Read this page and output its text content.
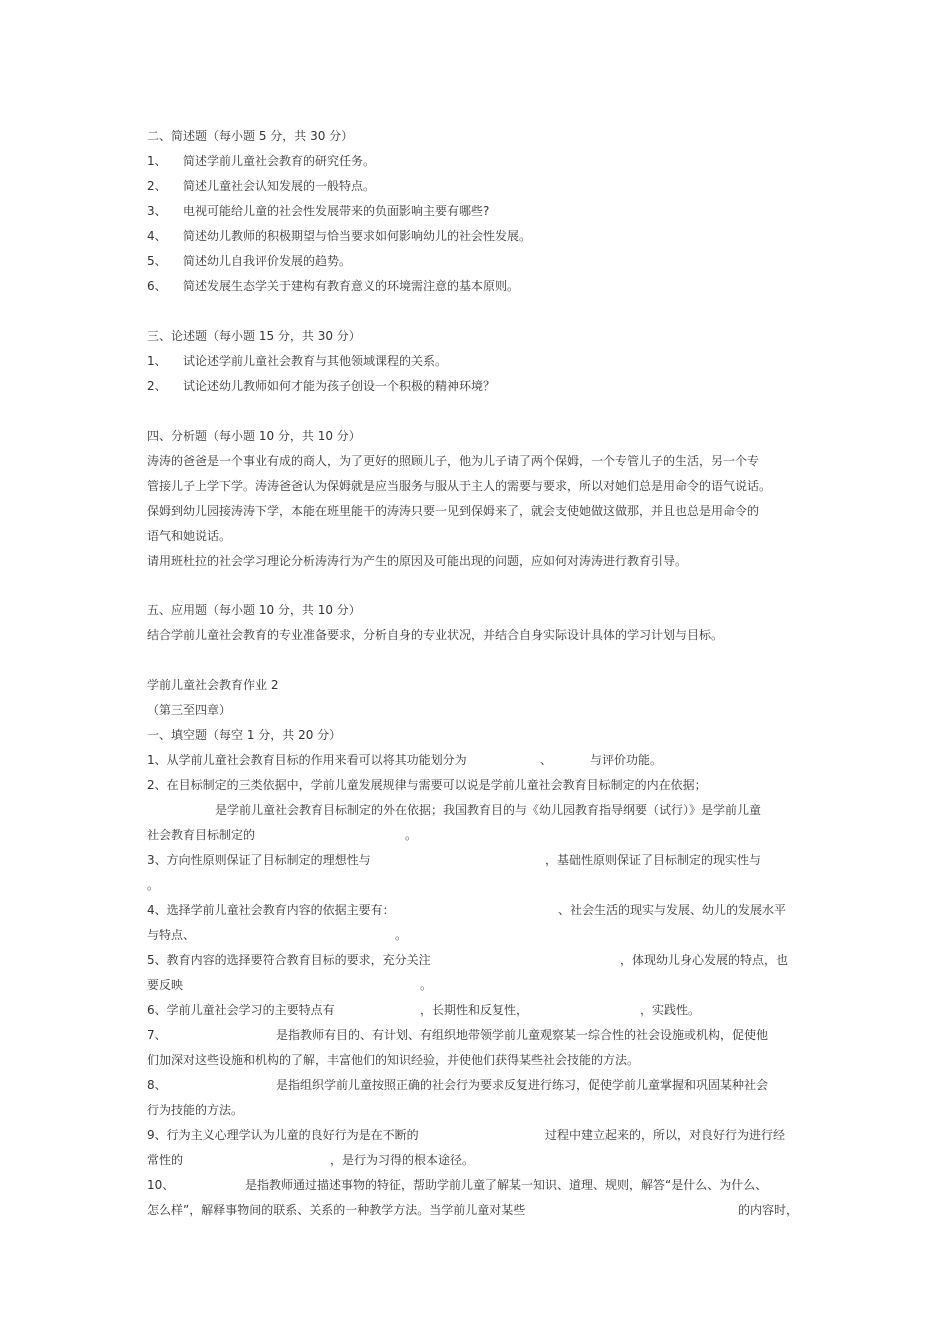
二、简述题（每小题 5 分，共 30 分）
1、 简述学前儿童社会教育的研究任务。
2、 简述儿童社会认知发展的一般特点。
3、 电视可能给儿童的社会性发展带来的负面影响主要有哪些?
4、 简述幼儿教师的积极期望与恰当要求如何影响幼儿的社会性发展。
5、 简述幼儿自我评价发展的趋势。
6、 简述发展生态学关于建构有教育意义的环境需注意的基本原则。
三、论述题（每小题 15 分，共 30 分）
1、 试论述学前儿童社会教育与其他领域课程的关系。
2、 试论述幼儿教师如何才能为孩子创设一个积极的精神环境？
四、分析题（每小题 10 分，共 10 分）
涛涛的爸爸是一个事业有成的商人，为了更好的照顾儿子，他为儿子请了两个保姆，一个专管儿子的生活，另一个专
管接儿子上学下学。涛涛爸爸认为保姆就是应当服务与服从于主人的需要与要求，所以对她们总是用命令的语气说话。
保姆到幼儿园接涛涛下学，本能在班里能干的涛涛只要一见到保姆来了，就会支使她做这做那，并且也总是用命令的
语气和她说话。
请用班杜拉的社会学习理论分析涛涛行为产生的原因及可能出现的问题，应如何对涛涛进行教育引导。
五、应用题（每小题 10 分，共 10 分）
结合学前儿童社会教育的专业准备要求，分析自身的专业状况，并结合自身实际设计具体的学习计划与目标。
学前儿童社会教育作业 2
（第三至四章）
一、填空题（每空 1 分，共 20 分）
1、从学前儿童社会教育目标的作用来看可以将其功能划分为	、	与评价功能。
2、在目标制定的三类依据中，学前儿童发展规律与需要可以说是学前儿童社会教育目标制定的内在依据；
是学前儿童社会教育目标制定的外在依据；我国教育目的与《幼儿园教育指导纲要（试行）》是学前儿童
社会教育目标制定的	。
3、方向性原则保证了目标制定的理想性与	，基础性原则保证了目标制定的现实性与
。
4、选择学前儿童社会教育内容的依据主要有：	、社会生活的现实与发展、幼儿的发展水平
与特点、	。
5、教育内容的选择要符合教育目标的要求，充分关注	，体现幼儿身心发展的特点，也
要反映	。
6、学前儿童社会学习的主要特点有	，长期性和反复性，	，实践性。
7、	是指教师有目的、有计划、有组织地带领学前儿童观察某一综合性的社会设施或机构，促使他
们加深对这些设施和机构的了解，丰富他们的知识经验，并使他们获得某些社会技能的方法。
8、	是指组织学前儿童按照正确的社会行为要求反复进行练习，促使学前儿童掌握和巩固某种社会
行为技能的方法。
9、行为主义心理学认为儿童的良好行为是在不断的	过程中建立起来的，所以，对良好行为进行经
常性的	，是行为习得的根本途径。
10、	是指教师通过描述事物的特征，帮助学前儿童了解某一知识、道理、规则，解答“是什么、为什么、
怎么样”，解释事物间的联系、关系的一种教学方法。当学前儿童对某些	的内容时，
